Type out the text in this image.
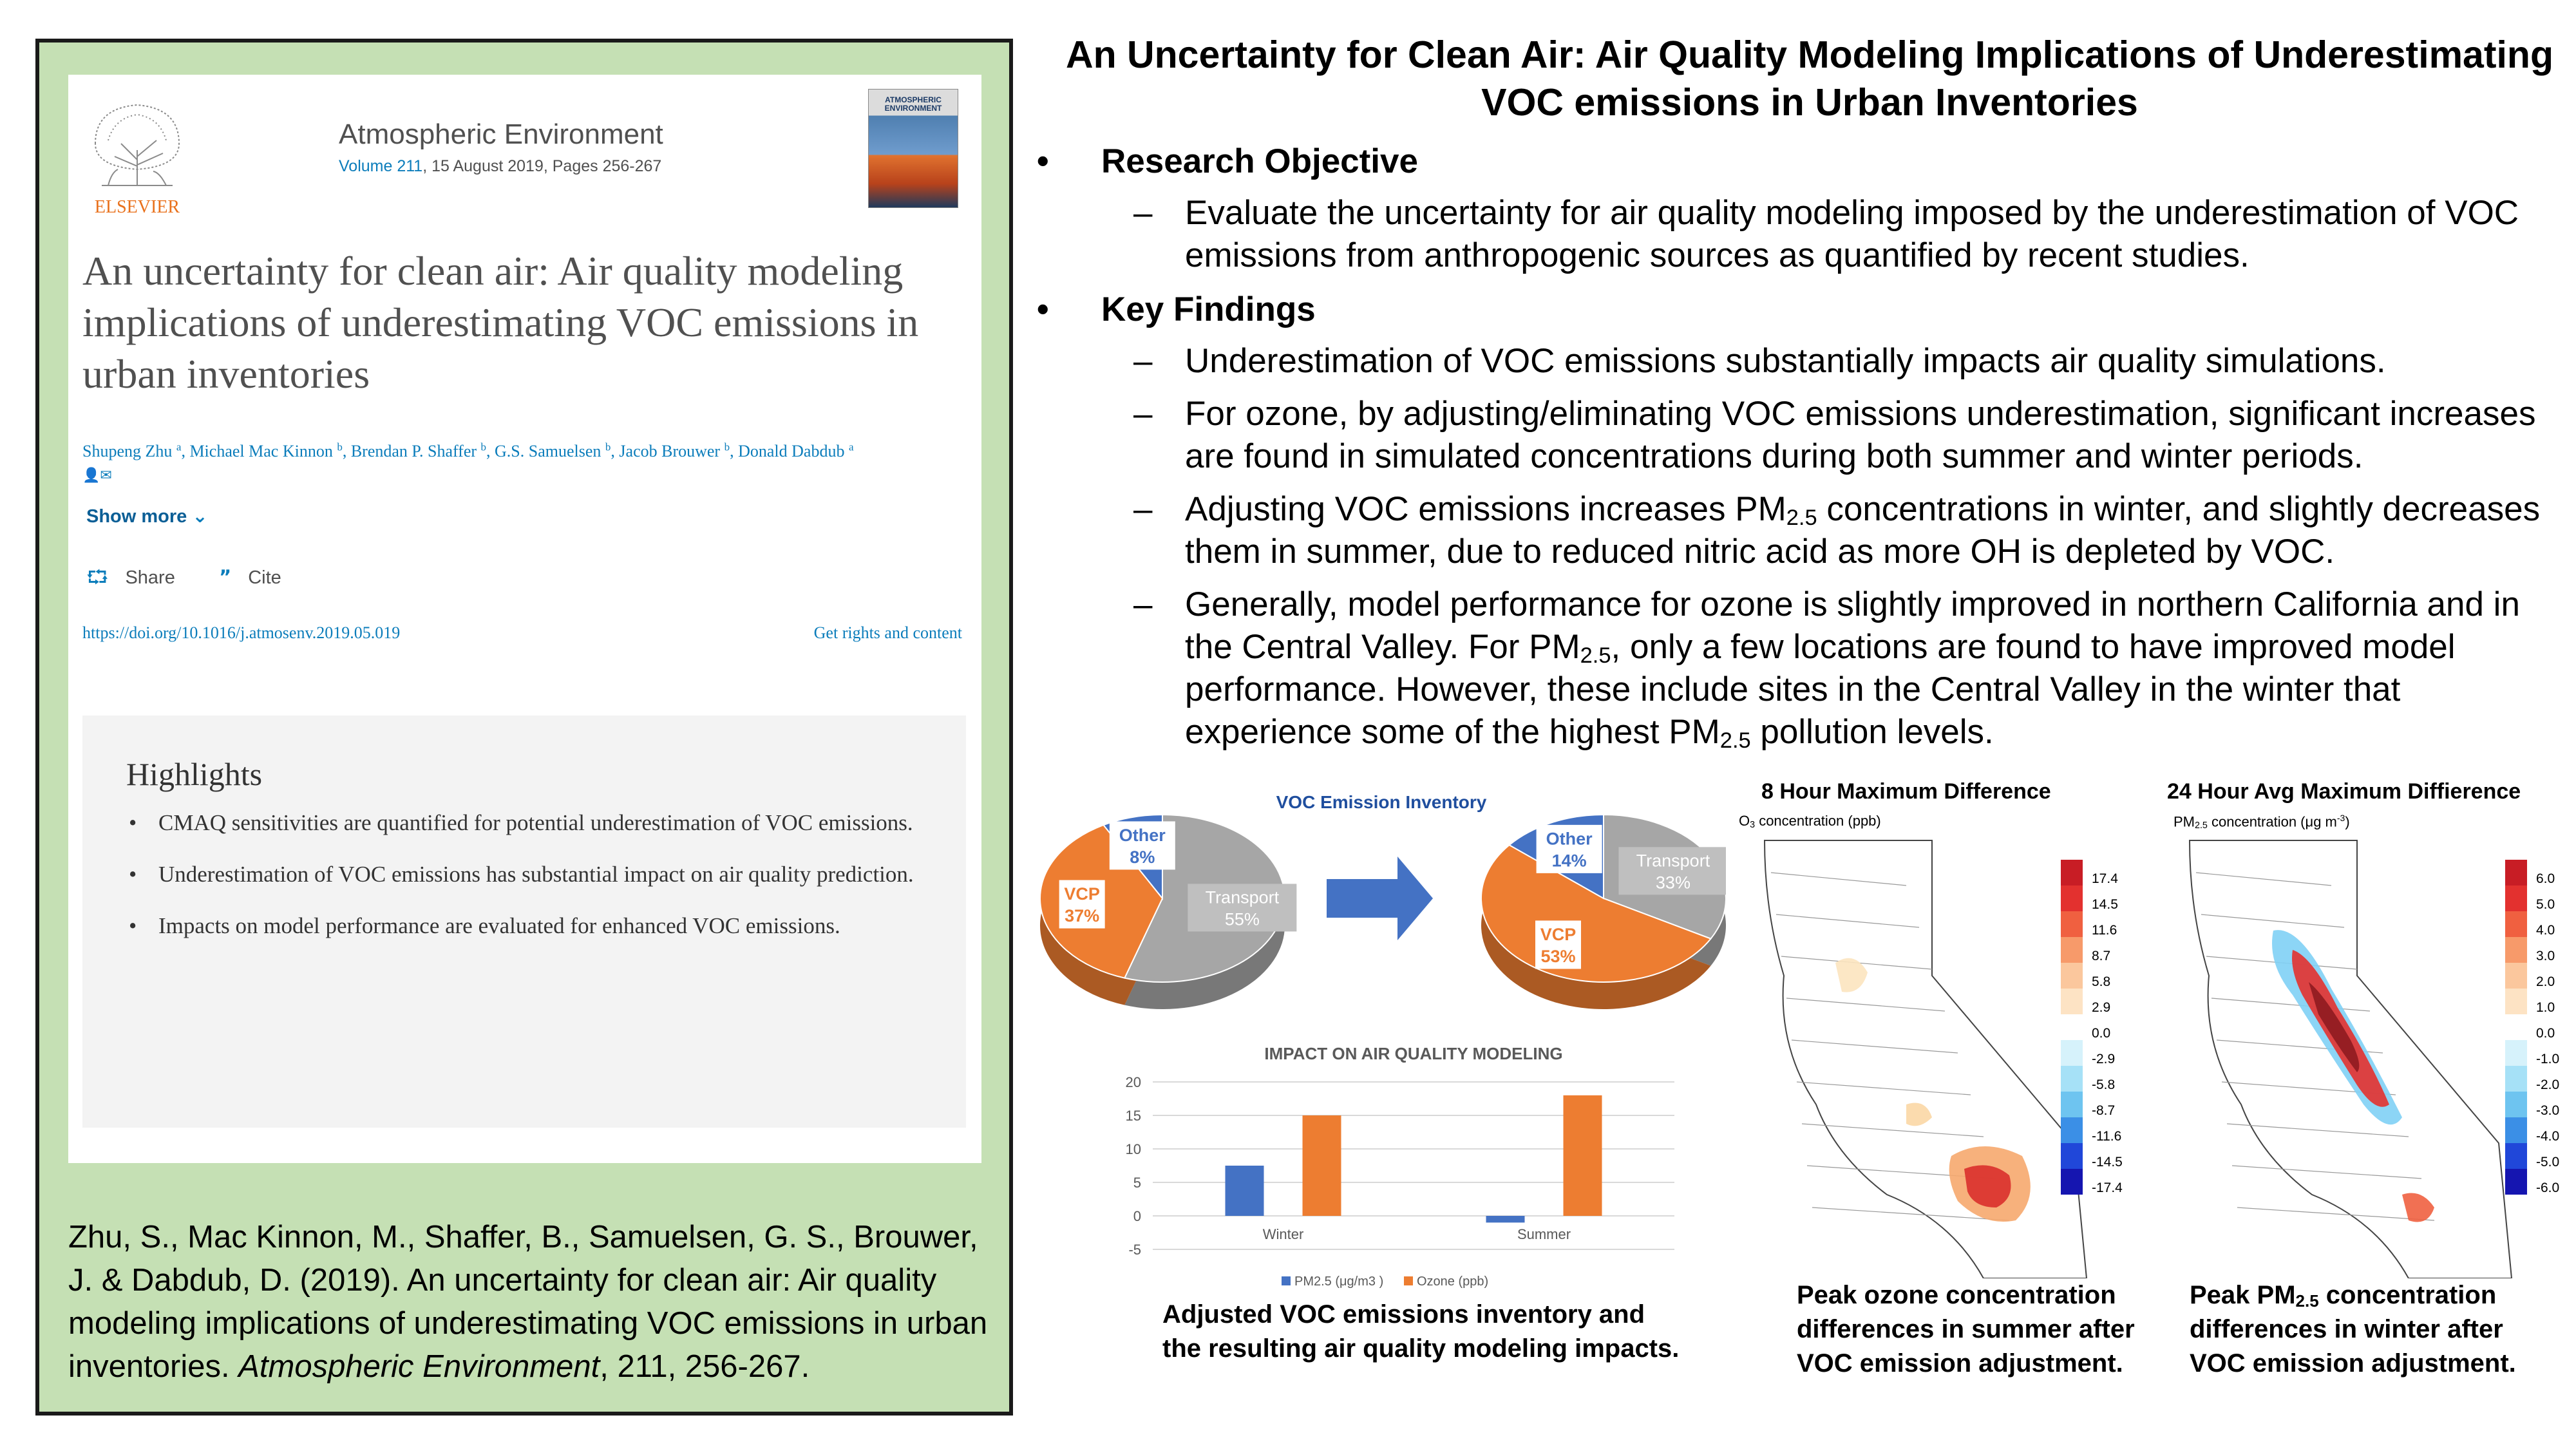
ELSEVIER
Atmospheric Environment
Volume 211, 15 August 2019, Pages 256-267
ATMOSPHERIC ENVIRONMENT
An uncertainty for clean air: Air quality modeling implications of underestimating VOC emissions in urban inventories
Shupeng Zhu $^a$, Michael Mac Kinnon $^b$, Brendan P. Shaffer $^b$, G.S. Samuelsen $^b$, Jacob Brouwer $^b$, Donald Dabdub $^a$
👤✉
Show more ⌄
⮔ Share ” Cite
https://doi.org/10.1016/j.atmosenv.2019.05.019	Get rights and content
Highlights
• CMAQ sensitivities are quantified for potential underestimation of VOC emissions.
• Underestimation of VOC emissions has substantial impact on air quality prediction.
• Impacts on model performance are evaluated for enhanced VOC emissions.
Zhu, S., Mac Kinnon, M., Shaffer, B., Samuelsen, G. S., Brouwer, J. & Dabdub, D. (2019). An uncertainty for clean air: Air quality modeling implications of underestimating VOC emissions in urban inventories. Atmospheric Environment, 211, 256-267.
An Uncertainty for Clean Air: Air Quality Modeling Implications of Underestimating VOC emissions in Urban Inventories
• Research Objective
– Evaluate the uncertainty for air quality modeling imposed by the underestimation of VOC emissions from anthropogenic sources as quantified by recent studies.
• Key Findings
– Underestimation of VOC emissions substantially impacts air quality simulations.
– For ozone, by adjusting/eliminating VOC emissions underestimation, significant increases are found in simulated concentrations during both summer and winter periods.
– Adjusting VOC emissions increases $PM_{2.5}$ concentrations in winter, and slightly decreases them in summer, due to reduced nitric acid as more OH is depleted by VOC.
– Generally, model performance for ozone is slightly improved in northern California and in the Central Valley. For $PM_{2.5}$, only a few locations are found to have improved model performance. However, these include sites in the Central Valley in the winter that experience some of the highest $PM_{2.5}$ pollution levels.
VOC Emission Inventory
Transport
55%
VCP
37%
Other
8%	Transport
33%
VCP
53%
Other
14%
IMPACT ON AIR QUALITY MODELING
-5
0
5
10
15
20
Winter	Summer
PM2.5 (μg/m3 )	Ozone (ppb)
Adjusted VOC emissions inventory and the resulting air quality modeling impacts.
8 Hour Maximum Difference
$O_3$ concentration (ppb)
17.4
14.5
11.6
8.7
5.8
2.9
0.0
-2.9
-5.8
-8.7
-11.6
-14.5
-17.4
24 Hour Avg Maximum Diffierence
$PM_{2.5}$ concentration (μg $m^{-3}$)
6.0
5.0
4.0
3.0
2.0
1.0
0.0
-1.0
-2.0
-3.0
-4.0
-5.0
-6.0
Peak ozone concentration differences in summer after VOC emission adjustment.
Peak $PM_{2.5}$ concentration differences in winter after VOC emission adjustment.
